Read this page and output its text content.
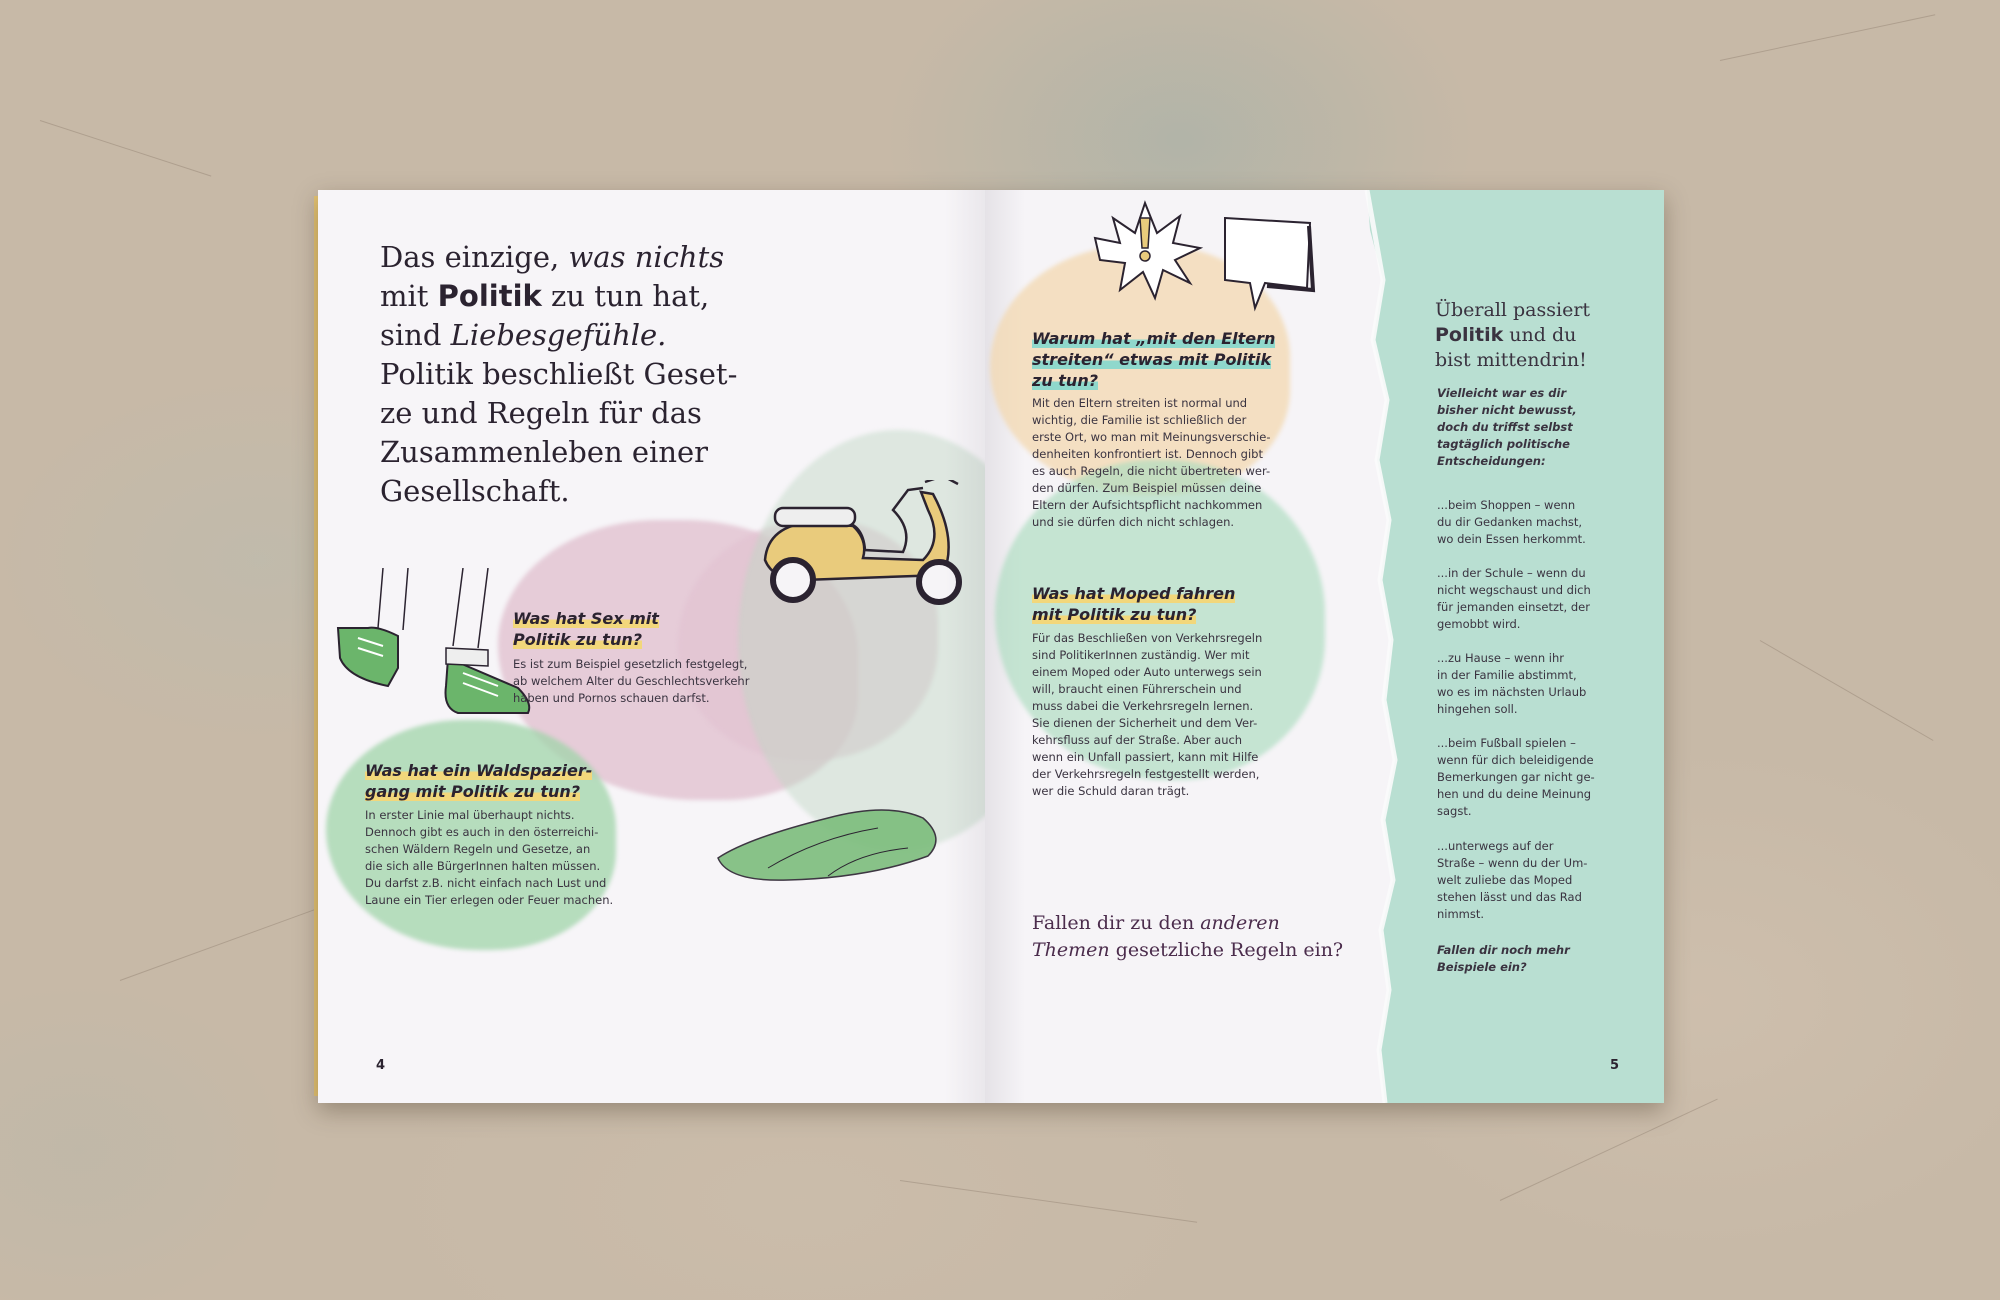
Das einzige, was nichts
mit Politik zu tun hat,
sind Liebesgefühle.
Politik beschließt Geset-
ze und Regeln für das
Zusammenleben einer
Gesellschaft.
Was hat Sex mit
Politik zu tun?
Es ist zum Beispiel gesetzlich festgelegt,
ab welchem Alter du Geschlechtsverkehr
haben und Pornos schauen darfst.
Was hat ein Waldspazier-
gang mit Politik zu tun?
In erster Linie mal überhaupt nichts.
Dennoch gibt es auch in den österreichi-
schen Wäldern Regeln und Gesetze, an
die sich alle BürgerInnen halten müssen.
Du darfst z.B. nicht einfach nach Lust und
Laune ein Tier erlegen oder Feuer machen.
4
Warum hat „mit den Eltern
streiten“ etwas mit Politik
zu tun?
Mit den Eltern streiten ist normal und
wichtig, die Familie ist schließlich der
erste Ort, wo man mit Meinungsverschie-
denheiten konfrontiert ist. Dennoch gibt
es auch Regeln, die nicht übertreten wer-
den dürfen. Zum Beispiel müssen deine
Eltern der Aufsichtspflicht nachkommen
und sie dürfen dich nicht schlagen.
Was hat Moped fahren
mit Politik zu tun?
Für das Beschließen von Verkehrsregeln
sind PolitikerInnen zuständig. Wer mit
einem Moped oder Auto unterwegs sein
will, braucht einen Führerschein und
muss dabei die Verkehrsregeln lernen.
Sie dienen der Sicherheit und dem Ver-
kehrsfluss auf der Straße. Aber auch
wenn ein Unfall passiert, kann mit Hilfe
der Verkehrsregeln festgestellt werden,
wer die Schuld daran trägt.
Fallen dir zu den anderen
Themen gesetzliche Regeln ein?
Überall passiert
Politik und du
bist mittendrin!
Vielleicht war es dir
bisher nicht bewusst,
doch du triffst selbst
tagtäglich politische
Entscheidungen:
...beim Shoppen – wenn
du dir Gedanken machst,
wo dein Essen herkommt.
...in der Schule – wenn du
nicht wegschaust und dich
für jemanden einsetzt, der
gemobbt wird.
...zu Hause – wenn ihr
in der Familie abstimmt,
wo es im nächsten Urlaub
hingehen soll.
...beim Fußball spielen –
wenn für dich beleidigende
Bemerkungen gar nicht ge-
hen und du deine Meinung
sagst.
...unterwegs auf der
Straße – wenn du der Um-
welt zuliebe das Moped
stehen lässt und das Rad
nimmst.
Fallen dir noch mehr
Beispiele ein?
5
